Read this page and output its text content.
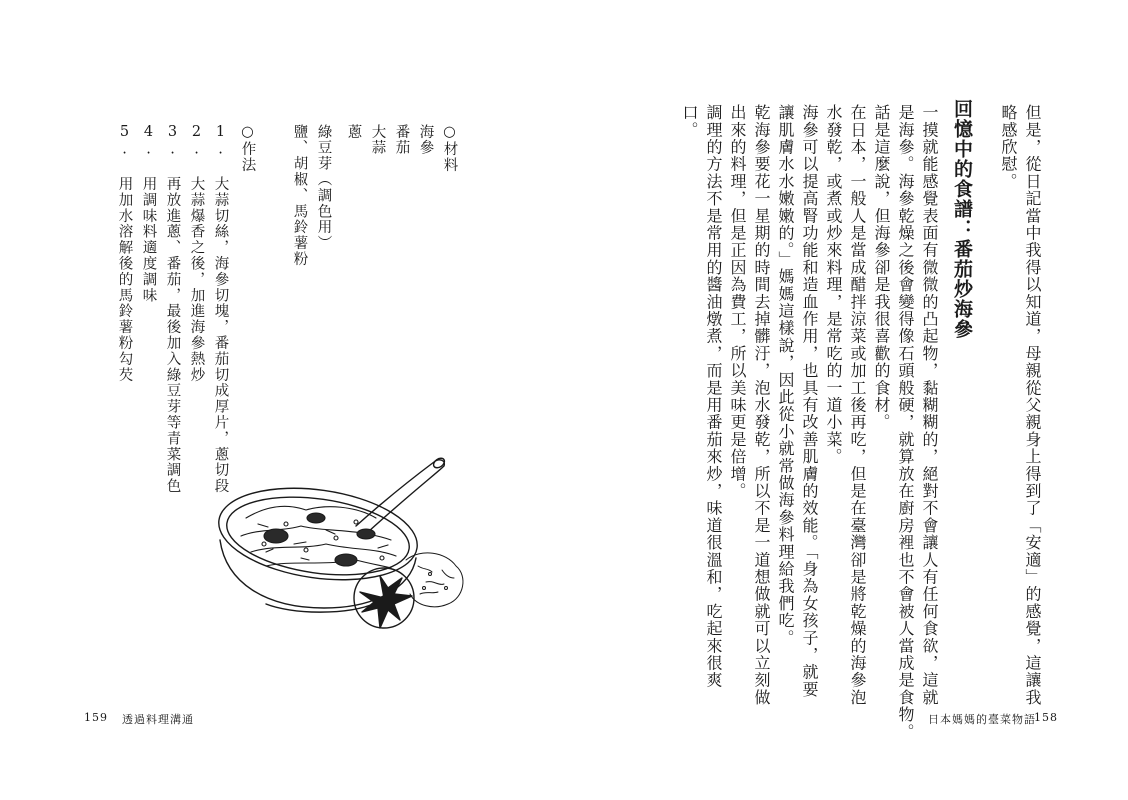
但是，從日記當中我得以知道，母親從父親身上得到了「安適」的感覺，這讓我
略感欣慰。
回憶中的食譜：番茄炒海參
一摸就能感覺表面有微微的凸起物，黏糊糊的，絕對不會讓人有任何食欲，這就
是海參。海參乾燥之後會變得像石頭般硬，就算放在廚房裡也不會被人當成是食物。
話是這麼說，但海參卻是我很喜歡的食材。
在日本，一般人是當成醋拌涼菜或加工後再吃，但是在臺灣卻是將乾燥的海參泡
水發乾，或煮或炒來料理，是常吃的一道小菜。
海參可以提高腎功能和造血作用，也具有改善肌膚的效能。「身為女孩子，就要
讓肌膚水水嫩嫩的。」媽媽這樣說，因此從小就常做海參料理給我們吃。
乾海參要花一星期的時間去掉髒汙，泡水發乾，所以不是一道想做就可以立刻做
出來的料理，但是正因為費工，所以美味更是倍增。
調理的方法不是常用的醬油燉煮，而是用番茄來炒，味道很溫和，吃起來很爽
口。
日本媽媽的臺菜物語
158
○材料
海參
番茄
大蒜
蔥
綠豆芽（調色用）
鹽、胡椒、馬鈴薯粉
○作法
1. 大蒜切絲，海參切塊，番茄切成厚片，蔥切段
2. 大蒜爆香之後，加進海參熱炒
3. 再放進蔥、番茄，最後加入綠豆芽等青菜調色
4. 用調味料適度調味
5. 用加水溶解後的馬鈴薯粉勾芡
159 透過料理溝通
